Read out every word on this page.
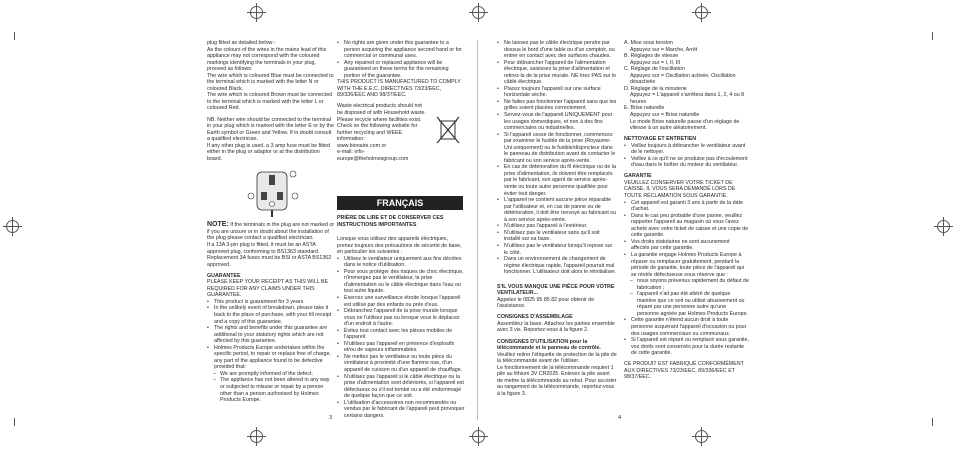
plug fitted as detailed below:-
As the colours of the wires in the mains lead of this appliance may not correspond with the coloured markings identifying the terminals in your plug, proceed as follows:
The wire which is coloured Blue must be connected to the terminal which is marked with the letter N or coloured Black.
The wire which is coloured Brown must be connected to the terminal which is marked with the letter L or coloured Red.

NB. Neither wire should be connected to the terminal in your plug which is marked with the letter E or by the Earth symbol or Green and Yellow. If in doubt consult a qualified electrician.
If any other plug is used, a 3 amp fuse must be fitted either in the plug or adaptor or at the distribution board.

NOTE: If the terminals in the plug are not marked or if you are unsure or in doubt about the installation of the plug please contact a qualified electrician.

If a 13A 3-pin plug is fitted, it must be an ASTA approved plug, conforming to BS1363 standard. Replacement 3A fuses must be BSI or ASTA BS1362 approved.

GUARANTEE

PLEASE KEEP YOUR RECEIPT AS THIS WILL BE REQUIRED FOR ANY CLAIMS UNDER THIS GUARANTEE.

• This product is guaranteed for 3 years.
• In the unlikely event of breakdown, please take it back to the place of purchase, with your till receipt and a copy of this guarantee.
• The rights and benefits under this guarantee are additional to your statutory rights which are not affected by this guarantee.
• Holmes Products Europe undertakes within the specific period, to repair or replace free of charge, any part of the appliance found to be defective provided that:
– We are promptly informed of the defect.
– The appliance has not been altered in any way or subjected to misuse or repair by a person other than a person authorised by Holmes Products Europe.
3
• No rights are given under this guarantee to a person acquiring the appliance second hand or for commercial or communal uses.
• Any repaired or replaced appliance will be guaranteed on these terms for the remaining portion of the guarantee.

THIS PRODUCT IS MANUFACTURED TO COMPLY WITH THE E.E.C. DIRECTIVES 73/23/EEC, 89/336/EEC AND 98/37/EEC.

Waste electrical products should not be disposed of with Household waste. Please recycle where facilities exist. Check on the following website for further recycling and WEEE information:
www.bionaire.com or
e-mail: info-europe@theholmesgroup.com

FRANÇAIS

PRIÈRE DE LIRE ET DE CONSERVER CES INSTRUCTIONS IMPORTANTES

Lorsque vous utilisez des appareils électriques, prenez toujours des précautions de sécurité de base, en particulier les suivantes :

• Utilisez le ventilateur uniquement aux fins décrites dans le notice d'utilisation.
• Pour vous protéger des risques de choc électrique, n'immergez pas le ventilateur, la prise d'alimentation ou le câble électrique dans l'eau ou tout autre liquide.
• Exercez une surveillance étroite lorsque l'appareil est utilisé par des enfants ou près d'eux.
• Débranchez l'appareil de la prise murale lorsque vous ne l'utilisez pas ou lorsque vous le déplacez d'un endroit à l'autre.
• Évitez tout contact avec les pièces mobiles de l'appareil.
• N'utilisez pas l'appareil en présence d'explosifs et/ou de vapeurs inflammables.
• Ne mettez pas le ventilateur ou toute pièce du ventilateur à proximité d'une flamme nue, d'un appareil de cuisson ou d'un appareil de chauffage.
• N'utilisez pas l'appareil si le câble électrique ou la prise d'alimentation sont détériorés, si l'appareil est défectueux ou s'il est tombé ou a été endommagé de quelque façon que ce soit.
• L'utilisation d'accessoires non recommandés ou vendus par le fabricant de l'appareil peut provoquer certains dangers.
• Ne laissez pas le câble électrique pendre par dessus le bord d'une table ou d'un comptoir, ou entrer en contact avec des surfaces chaudes.
• Pour débrancher l'appareil de l'alimentation électrique, saisissez la prise d'alimentation et retirez-la de la prise murale. NE tirez PAS sur le câble électrique.
• Placez toujours l'appareil sur une surface horizontale sèche.
• Ne faites pas fonctionner l'appareil sans que les grilles soient placées correctement.
• Servez-vous de l'appareil UNIQUEMENT pour les usages domestiques, et non à des fins commerciales ou industrielles.
• Si l'appareil cesse de fonctionner, commencez par examiner le fusible de la prise (Royaume-Uni uniquement) ou le fusible/disjoncteur dans le panneau de distribution avant de contacter le fabricant ou son service après-vente.
• En cas de détérioration du fil électrique ou de la prise d'alimentation, ils doivent être remplacés par le fabricant, son agent de service après-vente ou toute autre personne qualifiée pour éviter tout danger.
• L'appareil ne contient aucune pièce réparable par l'utilisateur et, en cas de panne ou de détérioration, il doit être renvoyé au fabricant ou à son service après-vente.
• N'utilisez pas l'appareil à l'extérieur.
• N'utilisez pas le ventilateur sans qu'il soit installé sur sa base.
• N'utilisez pas le ventilateur lorsqu'il repose sur le côté.
• Dans un environnement de changement de régime électrique rapide, l'appareil pourrait mal fonctionner. L'utilisateur doit alors le réinitialiser.

S'IL VOUS MANQUE UNE PIÈCE POUR VOTRE VENTILATEUR...

Appelez le 0825 95 85 82 pour obtenir de l'assistance.

CONSIGNES D'ASSEMBLAGE

Assemblez la base. Attachez les parties ensemble avec 3 vis. Reportez-vous à la figure 2.

CONSIGNES D'UTILISATION pour la télécommande et le panneau de contrôle.

Veuillez retirer l'étiquette de protection de la pile de la télécommande avant de l'utiliser.
Le fonctionnement de la télécommande requiert 1 pile au lithium 3V CR2025. Enlevez la pile avant de mettre la télécommande au rebut. Pour accéder au rangement de la télécommande, reportez-vous à la figure 3.

A. Mise sous tension

Appuyez sur = Marche, Arrêt

B. Réglages de vitesse

Appuyez sur = I, II, III

C. Réglage de l'oscillation

Appuyez sur = Oscillation activée, Oscillation désactivée

D. Réglage de la minuterie

Appuyez = L'appareil s'arrêtera dans 1, 2, 4 ou 8 heures

E. Brise naturelle

Appuyez sur = Brise naturelle

Le mode Brise naturelle passe d'un réglage de vitesse à un autre aléatoirement.

NETTOYAGE ET ENTRETIEN

• Veillez toujours à débrancher le ventilateur avant de le nettoyer.
• Veillez à ce qu'il ne se produise pas d'écoulement d'eau dans le boîtier du moteur du ventilateur.

GARANTIE

VEUILLEZ CONSERVER VOTRE TICKET DE CAISSE, IL VOUS SERA DEMANDÉ LORS DE TOUTE RÉCLAMATION SOUS GARANTIE.

• Cet appareil est garanti 3 ans à partir de la date d'achat.
• Dans le cas peu probable d'une panne, veuillez rapporter l'appareil au magasin où vous l'avez acheté avec votre ticket de caisse et une copie de cette garantie.
• Vos droits statutaires ne sont aucunement affectés par cette garantie.
• La garantie engage Holmes Products Europe à réparer ou remplacer gratuitement, pendant la période de garantie, toute pièce de l'appareil qui se révèle défectueuse sous réserve que :
– nous soyons prévenus rapidement du défaut de fabrication ;
– l'appareil n'ait pas été altéré de quelque manière que ce soit ou utilisé abusivement ou réparé par une personne autre qu'une personne agréée par Holmes Products Europe.
• Cette garantie n'étend aucun droit à toute personne acquérant l'appareil d'occasion ou pour des usages commerciaux ou communaux.
• Si l'appareil est réparé ou remplacé sous garantie, vos droits sont conservés pour la durée restante de cette garantie.

CE PRODUIT EST FABRIQUÉ CONFORMÉMENT AUX DIRECTIVES 73/23/EEC, 89/336/EEC ET 98/37/EEC.

4
